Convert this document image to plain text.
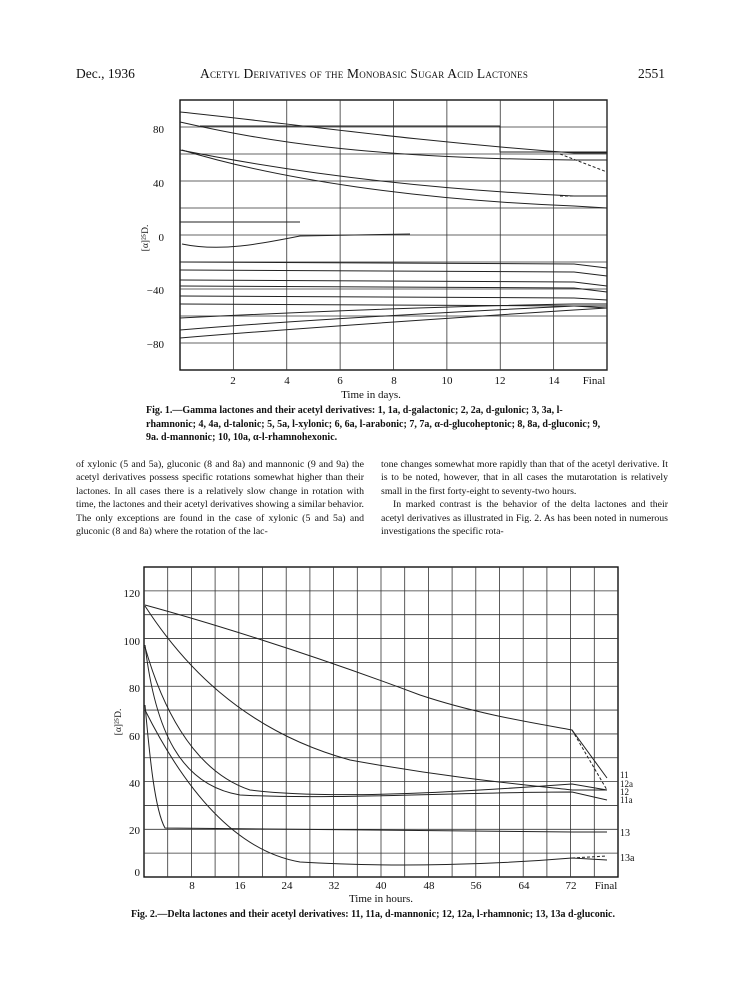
Dec., 1936	Acetyl Derivatives of the Monobasic Sugar Acid Lactones	2551
80
40
0
−40
−80
[α]²⁵D.
2	4	6	8	10	12	14 Final
Time in days.
120
100
80
60
40
20
0
[α]²⁵D.
8	16	24	32	40	48	56	64	72 Final
Time in hours.
11
12a
12
11a
13
13a
Fig. 1.—Gamma lactones and their acetyl derivatives: 1, 1a, d-galactonic; 2, 2a, d-gulonic; 3, 3a, l-rhamnonic; 4, 4a, d-talonic; 5, 5a, l-xylonic; 6, 6a, l-arabonic; 7, 7a, α-d-glucoheptonic; 8, 8a, d-gluconic; 9, 9a. d-mannonic; 10, 10a, α-l-rhamnohexonic.

of xylonic (5 and 5a), gluconic (8 and 8a) and mannonic (9 and 9a) the acetyl derivatives possess specific rotations somewhat higher than their lactones. In all cases there is a relatively slow change in rotation with time, the lactones and their acetyl derivatives showing a similar behavior. The only exceptions are found in the case of xylonic (5 and 5a) and gluconic (8 and 8a) where the rotation of the lac-

tone changes somewhat more rapidly than that of the acetyl derivative. It is to be noted, however, that in all cases the mutarotation is relatively small in the first forty-eight to seventy-two hours.

In marked contrast is the behavior of the delta lactones and their acetyl derivatives as illustrated in Fig. 2. As has been noted in numerous investigations the specific rota-

Fig. 2.—Delta lactones and their acetyl derivatives: 11, 11a, d-mannonic; 12, 12a, l-rhamnonic; 13, 13a d-gluconic.
